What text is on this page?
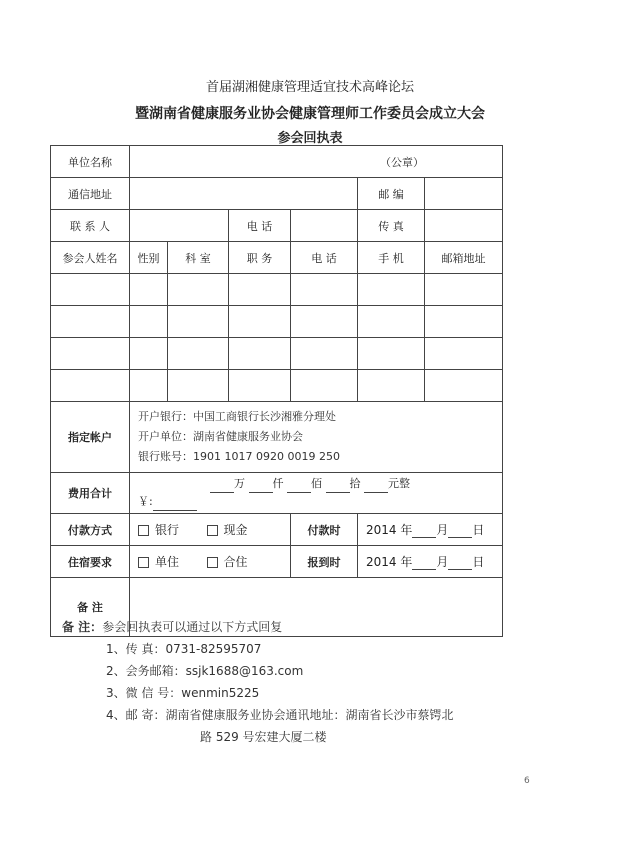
首届湖湘健康管理适宜技术高峰论坛
暨湖南省健康服务业协会健康管理师工作委员会成立大会
参会回执表
单位名称	（公章）					
通信地址					邮 编	
联 系 人			电 话		传 真	
参会人姓名	性别	科 室	职 务	电 话	手 机	邮箱地址

指定帐户	开户银行：中国工商银行长沙湘雅分理处
开户单位：湖南省健康服务业协会
银行账号：1901 1017 0920 0019 250					

费用合计	万 仟 佰 拾 元整
￥:					

付款方式	银行 现金			付款时	2014 年 月 日	
住宿要求	单住 合住			报到时	2014 年 月 日	
备 注						
备 注：参会回执表可以通过以下方式回复
1、传 真：0731-82595707
2、会务邮箱：ssjk1688@163.com
3、微 信 号：wenmin5225
4、邮 寄：湖南省健康服务业协会通讯地址：湖南省长沙市蔡锷北
路 529 号宏建大厦二楼
6
